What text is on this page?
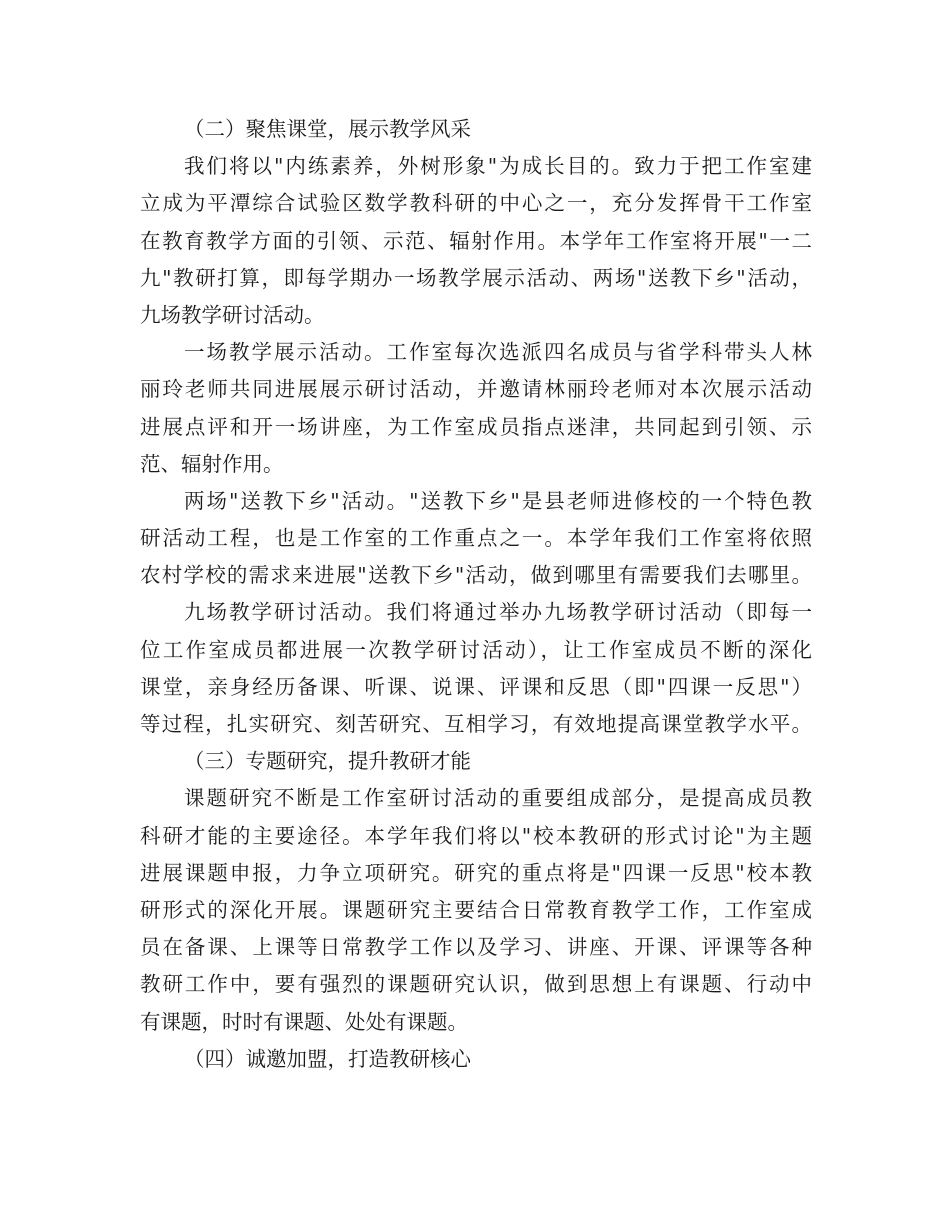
（二）聚焦课堂，展示教学风采
我们将以"内练素养，外树形象"为成长目的。致力于把工作室建
立成为平潭综合试验区数学教科研的中心之一，充分发挥骨干工作室
在教育教学方面的引领、示范、辐射作用。本学年工作室将开展"一二
九"教研打算，即每学期办一场教学展示活动、两场"送教下乡"活动，
九场教学研讨活动。
一场教学展示活动。工作室每次选派四名成员与省学科带头人林
丽玲老师共同进展展示研讨活动，并邀请林丽玲老师对本次展示活动
进展点评和开一场讲座，为工作室成员指点迷津，共同起到引领、示
范、辐射作用。
两场"送教下乡"活动。"送教下乡"是县老师进修校的一个特色教
研活动工程，也是工作室的工作重点之一。本学年我们工作室将依照
农村学校的需求来进展"送教下乡"活动，做到哪里有需要我们去哪里。
九场教学研讨活动。我们将通过举办九场教学研讨活动（即每一
位工作室成员都进展一次教学研讨活动），让工作室成员不断的深化
课堂，亲身经历备课、听课、说课、评课和反思（即"四课一反思"）
等过程，扎实研究、刻苦研究、互相学习，有效地提高课堂教学水平。
（三）专题研究，提升教研才能
课题研究不断是工作室研讨活动的重要组成部分，是提高成员教
科研才能的主要途径。本学年我们将以"校本教研的形式讨论"为主题
进展课题申报，力争立项研究。研究的重点将是"四课一反思"校本教
研形式的深化开展。课题研究主要结合日常教育教学工作，工作室成
员在备课、上课等日常教学工作以及学习、讲座、开课、评课等各种
教研工作中，要有强烈的课题研究认识，做到思想上有课题、行动中
有课题，时时有课题、处处有课题。
（四）诚邀加盟，打造教研核心
